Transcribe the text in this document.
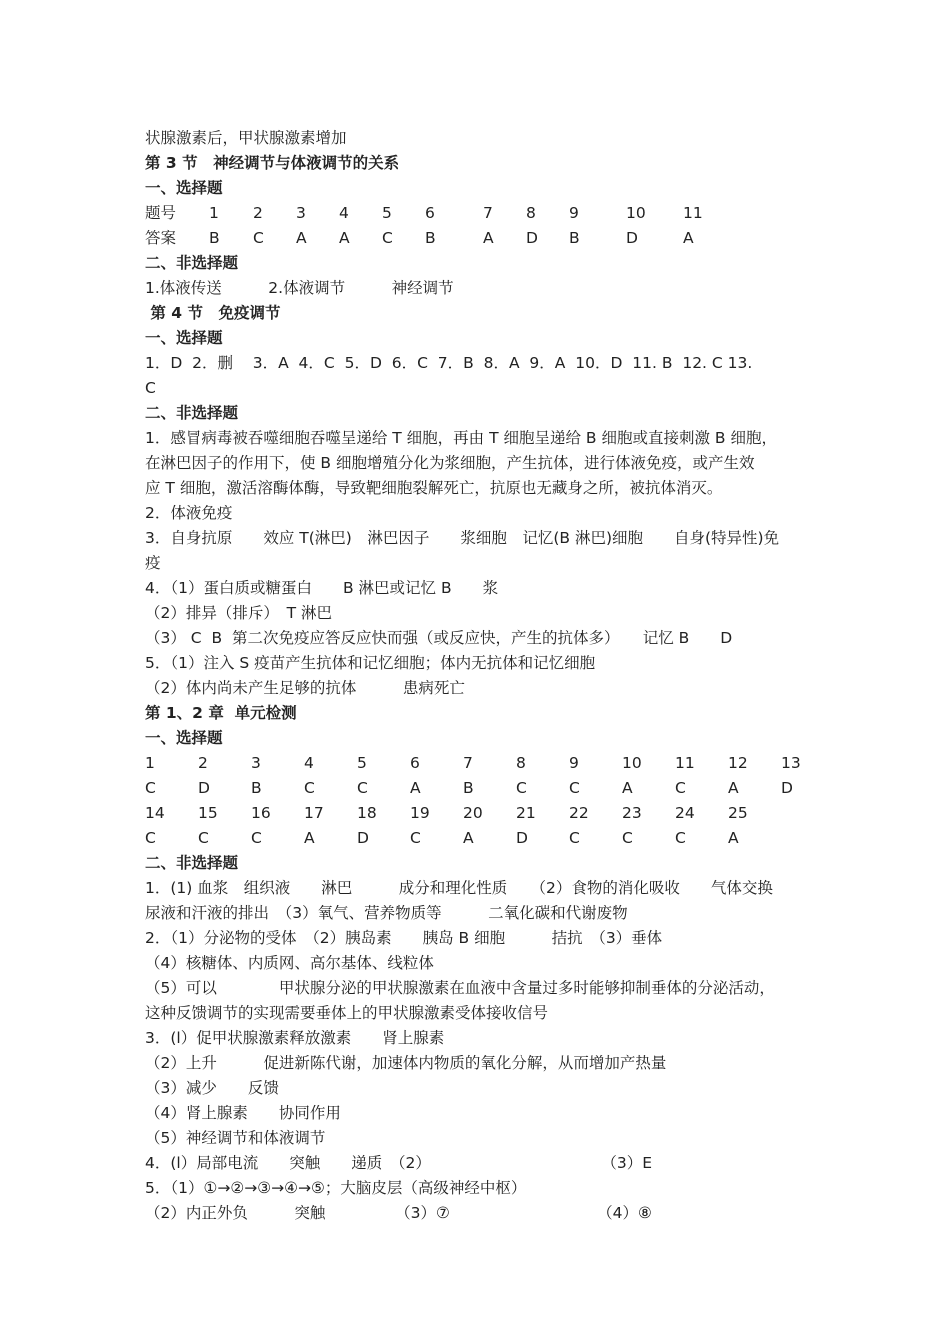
状腺激素后，甲状腺激素增加
第 3 节　神经调节与体液调节的关系
一、选择题
题号 1 2 3 4 5 6	7 8 9	10 11
答案 B C A A C B	A D B	D	A
二、非选择题
1.体液传送　　　2.体液调节　　　神经调节
第 4 节　免疫调节
一、选择题
1．D  2．删    3．A  4．C  5．D  6．C  7．B  8．A  9．A  10．D  11. B  12. C 13.
C
二、非选择题
1．感冒病毒被吞噬细胞吞噬呈递给 T 细胞，再由 T 细胞呈递给 B 细胞或直接刺激 B 细胞，
在淋巴因子的作用下，使 B 细胞增殖分化为浆细胞，产生抗体，进行体液免疫，或产生效
应 T 细胞，激活溶酶体酶，导致靶细胞裂解死亡，抗原也无藏身之所，被抗体消灭。
2．体液免疫
3．自身抗原　　效应 T(淋巴)　淋巴因子　　浆细胞　记忆(B 淋巴)细胞　　自身(特异性)免
疫
4．（1）蛋白质或糖蛋白　　B 淋巴或记忆 B　　浆
（2）排异（排斥）　T 淋巴
（3） C  B  第二次免疫应答反应快而强（或反应快，产生的抗体多）　　记忆 B　　D
5．（1）注入 S 疫苗产生抗体和记忆细胞；体内无抗体和记忆细胞
（2）体内尚未产生足够的抗体　　　患病死亡
第 1、2 章  单元检测
一、选择题
1	2	3	4	5	6	7	8	9	10 11 12 13
C	D	B	C	C	A	B	C	C	A	C	A	D
14 15 16 17 18 19 20 21 22 23 24 25
C	C	C	A	D	C	A	D	C	C	C	A
二、非选择题
1．(1) 血浆　组织液　　淋巴　　　成分和理化性质　　（2）食物的消化吸收　　气体交换
尿液和汗液的排出　（3）氧气、营养物质等　　　二氧化碳和代谢废物
2．（1）分泌物的受体　（2）胰岛素　　胰岛 B 细胞　　　拮抗　（3）垂体
（4）核糖体、内质网、高尔基体、线粒体
（5）可以　　　　甲状腺分泌的甲状腺激素在血液中含量过多时能够抑制垂体的分泌活动，
这种反馈调节的实现需要垂体上的甲状腺激素受体接收信号
3．(l）促甲状腺激素释放激素　　肾上腺素
（2）上升　　　促进新陈代谢，加速体内物质的氧化分解，从而增加产热量
（3）减少　　反馈
（4）肾上腺素　　协同作用
（5）神经调节和体液调节
4．(l）局部电流　　突触　　递质　（2）　　　　　　　　　　　　（3）E
5．（1）①→②→③→④→⑤；大脑皮层（高级神经中枢）
（2）内正外负　　　突触　　　　　（3）⑦　　　　　　　　　　（4）⑧
